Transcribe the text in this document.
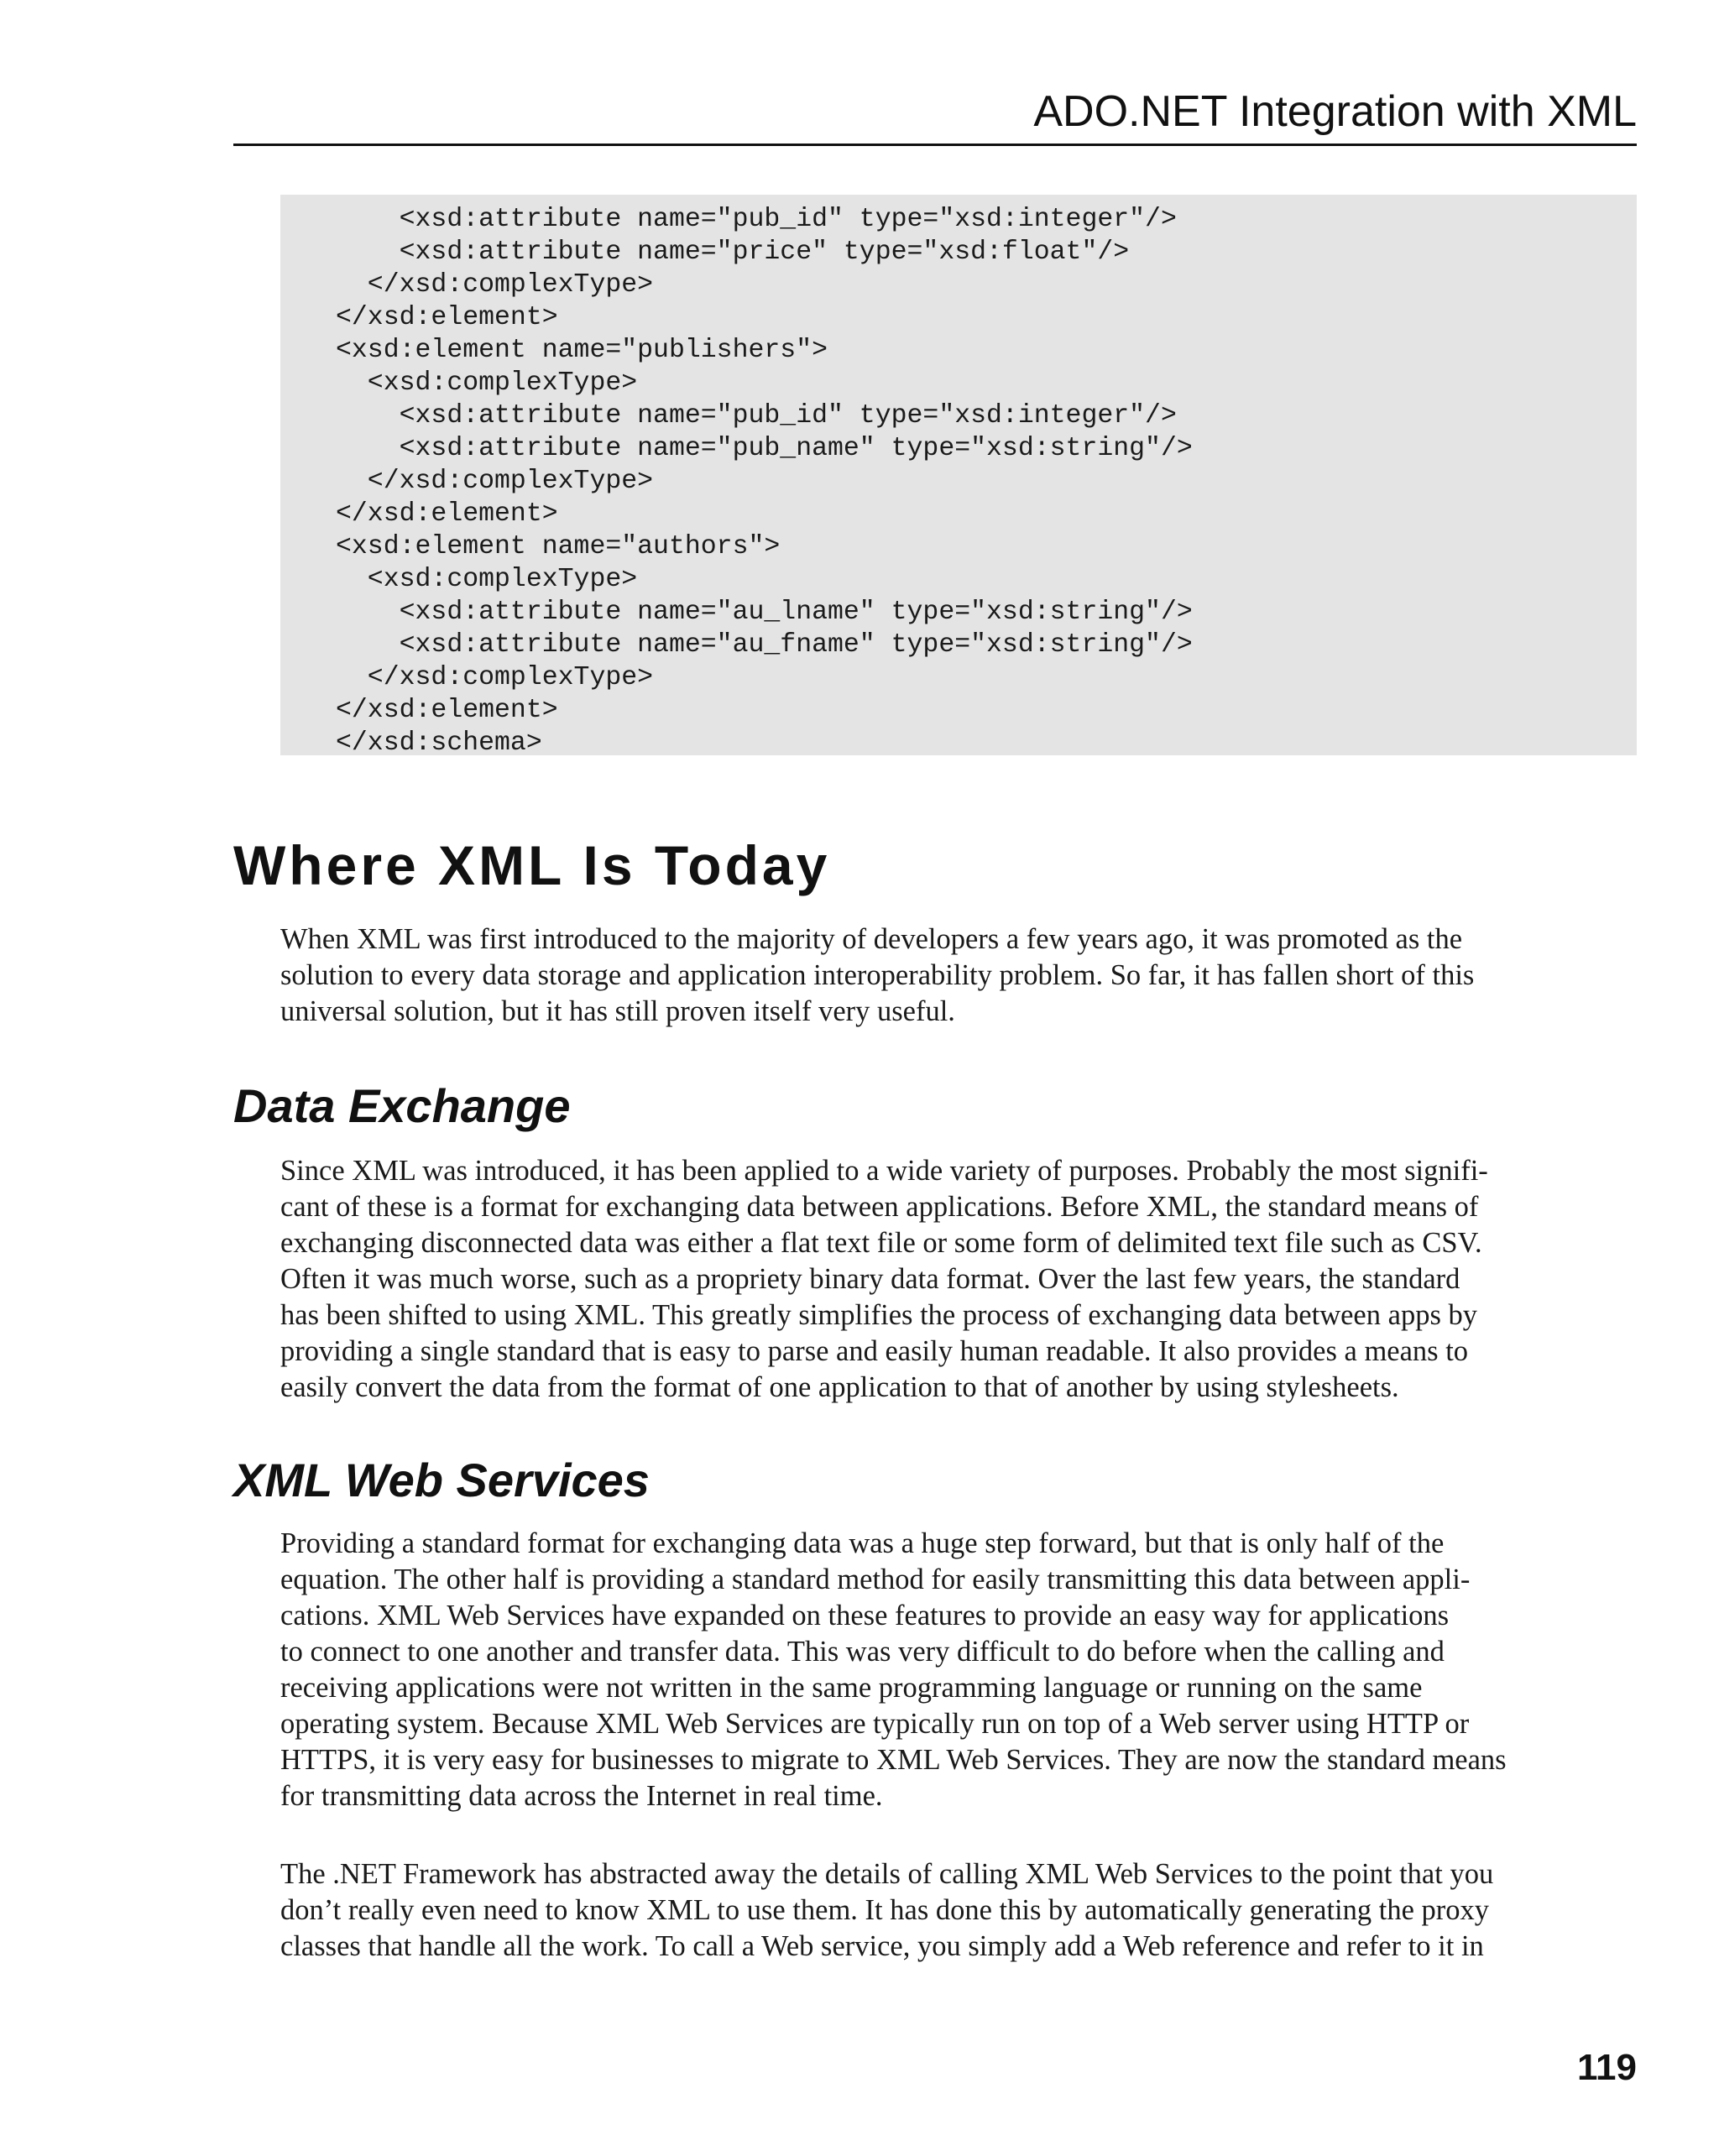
ADO.NET Integration with XML
<xsd:attribute name="pub_id" type="xsd:integer"/>
<xsd:attribute name="price" type="xsd:float"/>
</xsd:complexType>
</xsd:element>
<xsd:element name="publishers">
<xsd:complexType>
<xsd:attribute name="pub_id" type="xsd:integer"/>
<xsd:attribute name="pub_name" type="xsd:string"/>
</xsd:complexType>
</xsd:element>
<xsd:element name="authors">
<xsd:complexType>
<xsd:attribute name="au_lname" type="xsd:string"/>
<xsd:attribute name="au_fname" type="xsd:string"/>
</xsd:complexType>
</xsd:element>
</xsd:schema>
Where XML Is Today

When XML was first introduced to the majority of developers a few years ago, it was promoted as the
solution to every data storage and application interoperability problem. So far, it has fallen short of this
universal solution, but it has still proven itself very useful.

Data Exchange

Since XML was introduced, it has been applied to a wide variety of purposes. Probably the most signifi-
cant of these is a format for exchanging data between applications. Before XML, the standard means of
exchanging disconnected data was either a flat text file or some form of delimited text file such as CSV.
Often it was much worse, such as a propriety binary data format. Over the last few years, the standard
has been shifted to using XML. This greatly simplifies the process of exchanging data between apps by
providing a single standard that is easy to parse and easily human readable. It also provides a means to
easily convert the data from the format of one application to that of another by using stylesheets.

XML Web Services

Providing a standard format for exchanging data was a huge step forward, but that is only half of the
equation. The other half is providing a standard method for easily transmitting this data between appli-
cations. XML Web Services have expanded on these features to provide an easy way for applications
to connect to one another and transfer data. This was very difficult to do before when the calling and
receiving applications were not written in the same programming language or running on the same
operating system. Because XML Web Services are typically run on top of a Web server using HTTP or
HTTPS, it is very easy for businesses to migrate to XML Web Services. They are now the standard means
for transmitting data across the Internet in real time.

The .NET Framework has abstracted away the details of calling XML Web Services to the point that you
don’t really even need to know XML to use them. It has done this by automatically generating the proxy
classes that handle all the work. To call a Web service, you simply add a Web reference and refer to it in

119
